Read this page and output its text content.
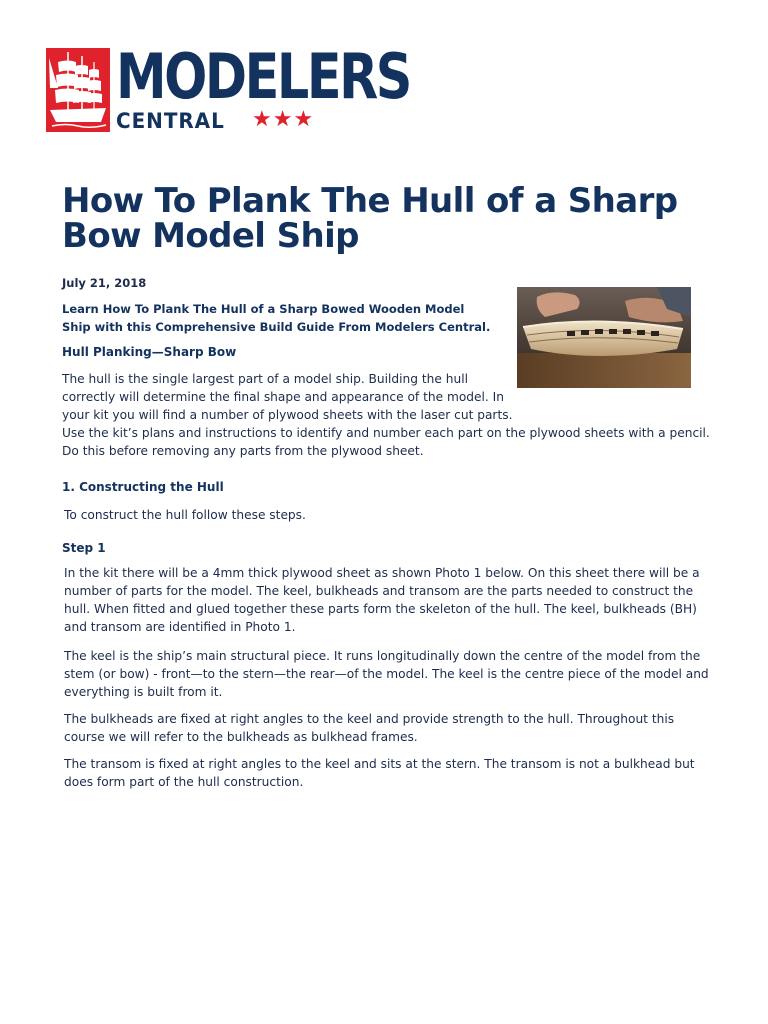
MODELERS
CENTRAL ★★★
How To Plank The Hull of a Sharp Bow Model Ship
July 21, 2018

Learn How To Plank The Hull of a Sharp Bowed Wooden Model Ship with this Comprehensive Build Guide From Modelers Central.

Hull Planking—Sharp Bow
The hull is the single largest part of a model ship. Building the hull
correctly will determine the final shape and appearance of the model. In
your kit you will find a number of plywood sheets with the laser cut parts.
Use the kit’s plans and instructions to identify and number each part on the plywood sheets with a pencil. Do this before removing any parts from the plywood sheet.
1. Constructing the Hull

To construct the hull follow these steps.

Step 1

In the kit there will be a 4mm thick plywood sheet as shown Photo 1 below. On this sheet there will be a number of parts for the model. The keel, bulkheads and transom are the parts needed to construct the hull. When fitted and glued together these parts form the skeleton of the hull. The keel, bulkheads (BH) and transom are identified in Photo 1.

The keel is the ship’s main structural piece. It runs longitudinally down the centre of the model from the stem (or bow) - front—to the stern—the rear—of the model. The keel is the centre piece of the model and everything is built from it.

The bulkheads are fixed at right angles to the keel and provide strength to the hull. Throughout this course we will refer to the bulkheads as bulkhead frames.

The transom is fixed at right angles to the keel and sits at the stern. The transom is not a bulkhead but does form part of the hull construction.
